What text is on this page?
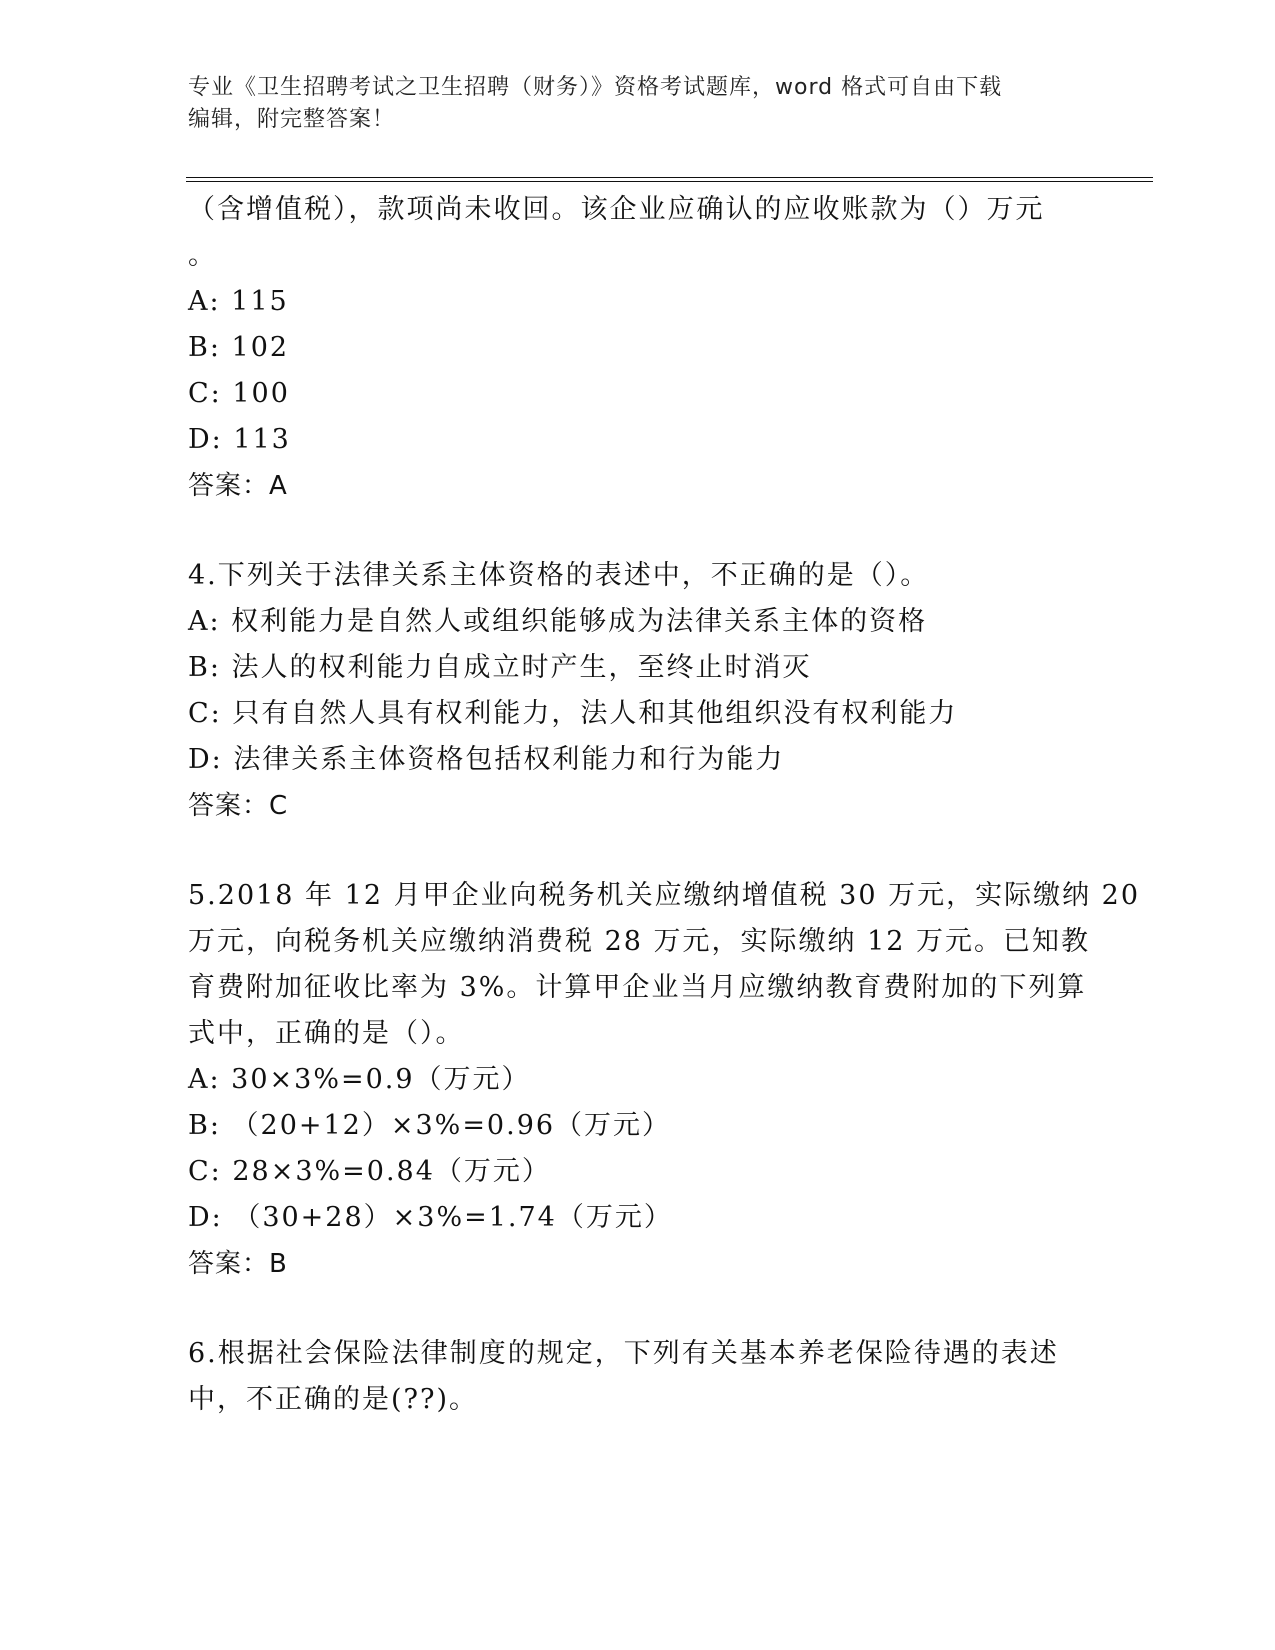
专业《卫生招聘考试之卫生招聘（财务）》资格考试题库，word 格式可自由下载
编辑，附完整答案！
（含增值税），款项尚未收回。该企业应确认的应收账款为（）万元
。
A: 115
B: 102
C: 100
D: 113
答案：A
4.下列关于法律关系主体资格的表述中，不正确的是（）。
A: 权利能力是自然人或组织能够成为法律关系主体的资格
B: 法人的权利能力自成立时产生，至终止时消灭
C: 只有自然人具有权利能力，法人和其他组织没有权利能力
D: 法律关系主体资格包括权利能力和行为能力
答案：C
5.2018 年 12 月甲企业向税务机关应缴纳增值税 30 万元，实际缴纳 20
万元，向税务机关应缴纳消费税 28 万元，实际缴纳 12 万元。已知教
育费附加征收比率为 3%。计算甲企业当月应缴纳教育费附加的下列算
式中，正确的是（）。
A: 30×3%=0.9（万元）
B: （20+12）×3%=0.96（万元）
C: 28×3%=0.84（万元）
D: （30+28）×3%=1.74（万元）
答案：B
6.根据社会保险法律制度的规定，下列有关基本养老保险待遇的表述
中，不正确的是(??)。
